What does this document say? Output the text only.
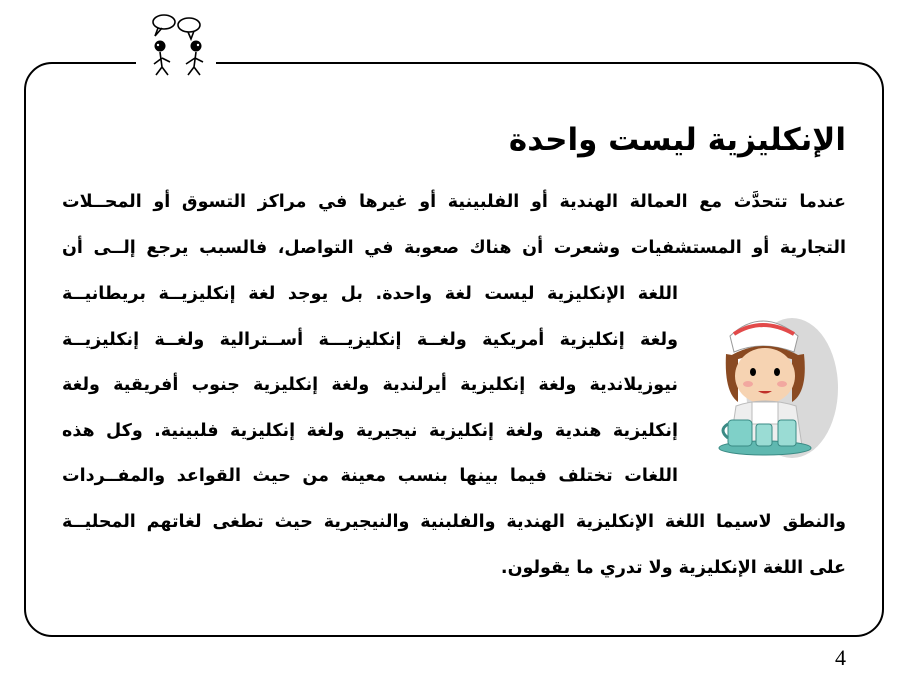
الإنكليزية ليست واحدة

عندما تتحدَّث مع العمالة الهندية أو الفلبينية أو غيرها في مراكز التسوق أو المحــلات

التجارية أو المستشفيات وشعرت أن هناك صعوبة في التواصل، فالسبب يرجع إلــى أن

اللغة الإنكليزية ليست لغة واحدة. بل يوجد لغة إنكليزيــة بريطانيــة

ولغة إنكليزية أمريكية ولغــة إنكليزيـــة أســترالية ولغــة إنكليزيــة

نيوزيلاندية ولغة إنكليزية أيرلندية ولغة إنكليزية جنوب أفريقية ولغة

إنكليزية هندية ولغة إنكليزية نيجيرية ولغة إنكليزية فلبينية. وكل هذه

اللغات تختلف فيما بينها بنسب معينة من حيث القواعد والمفــردات

والنطق لاسيما اللغة الإنكليزية الهندية والفلبنية والنيجيرية حيث تطغى لغاتهم المحليــة

على اللغة الإنكليزية ولا تدري ما يقولون.

4
